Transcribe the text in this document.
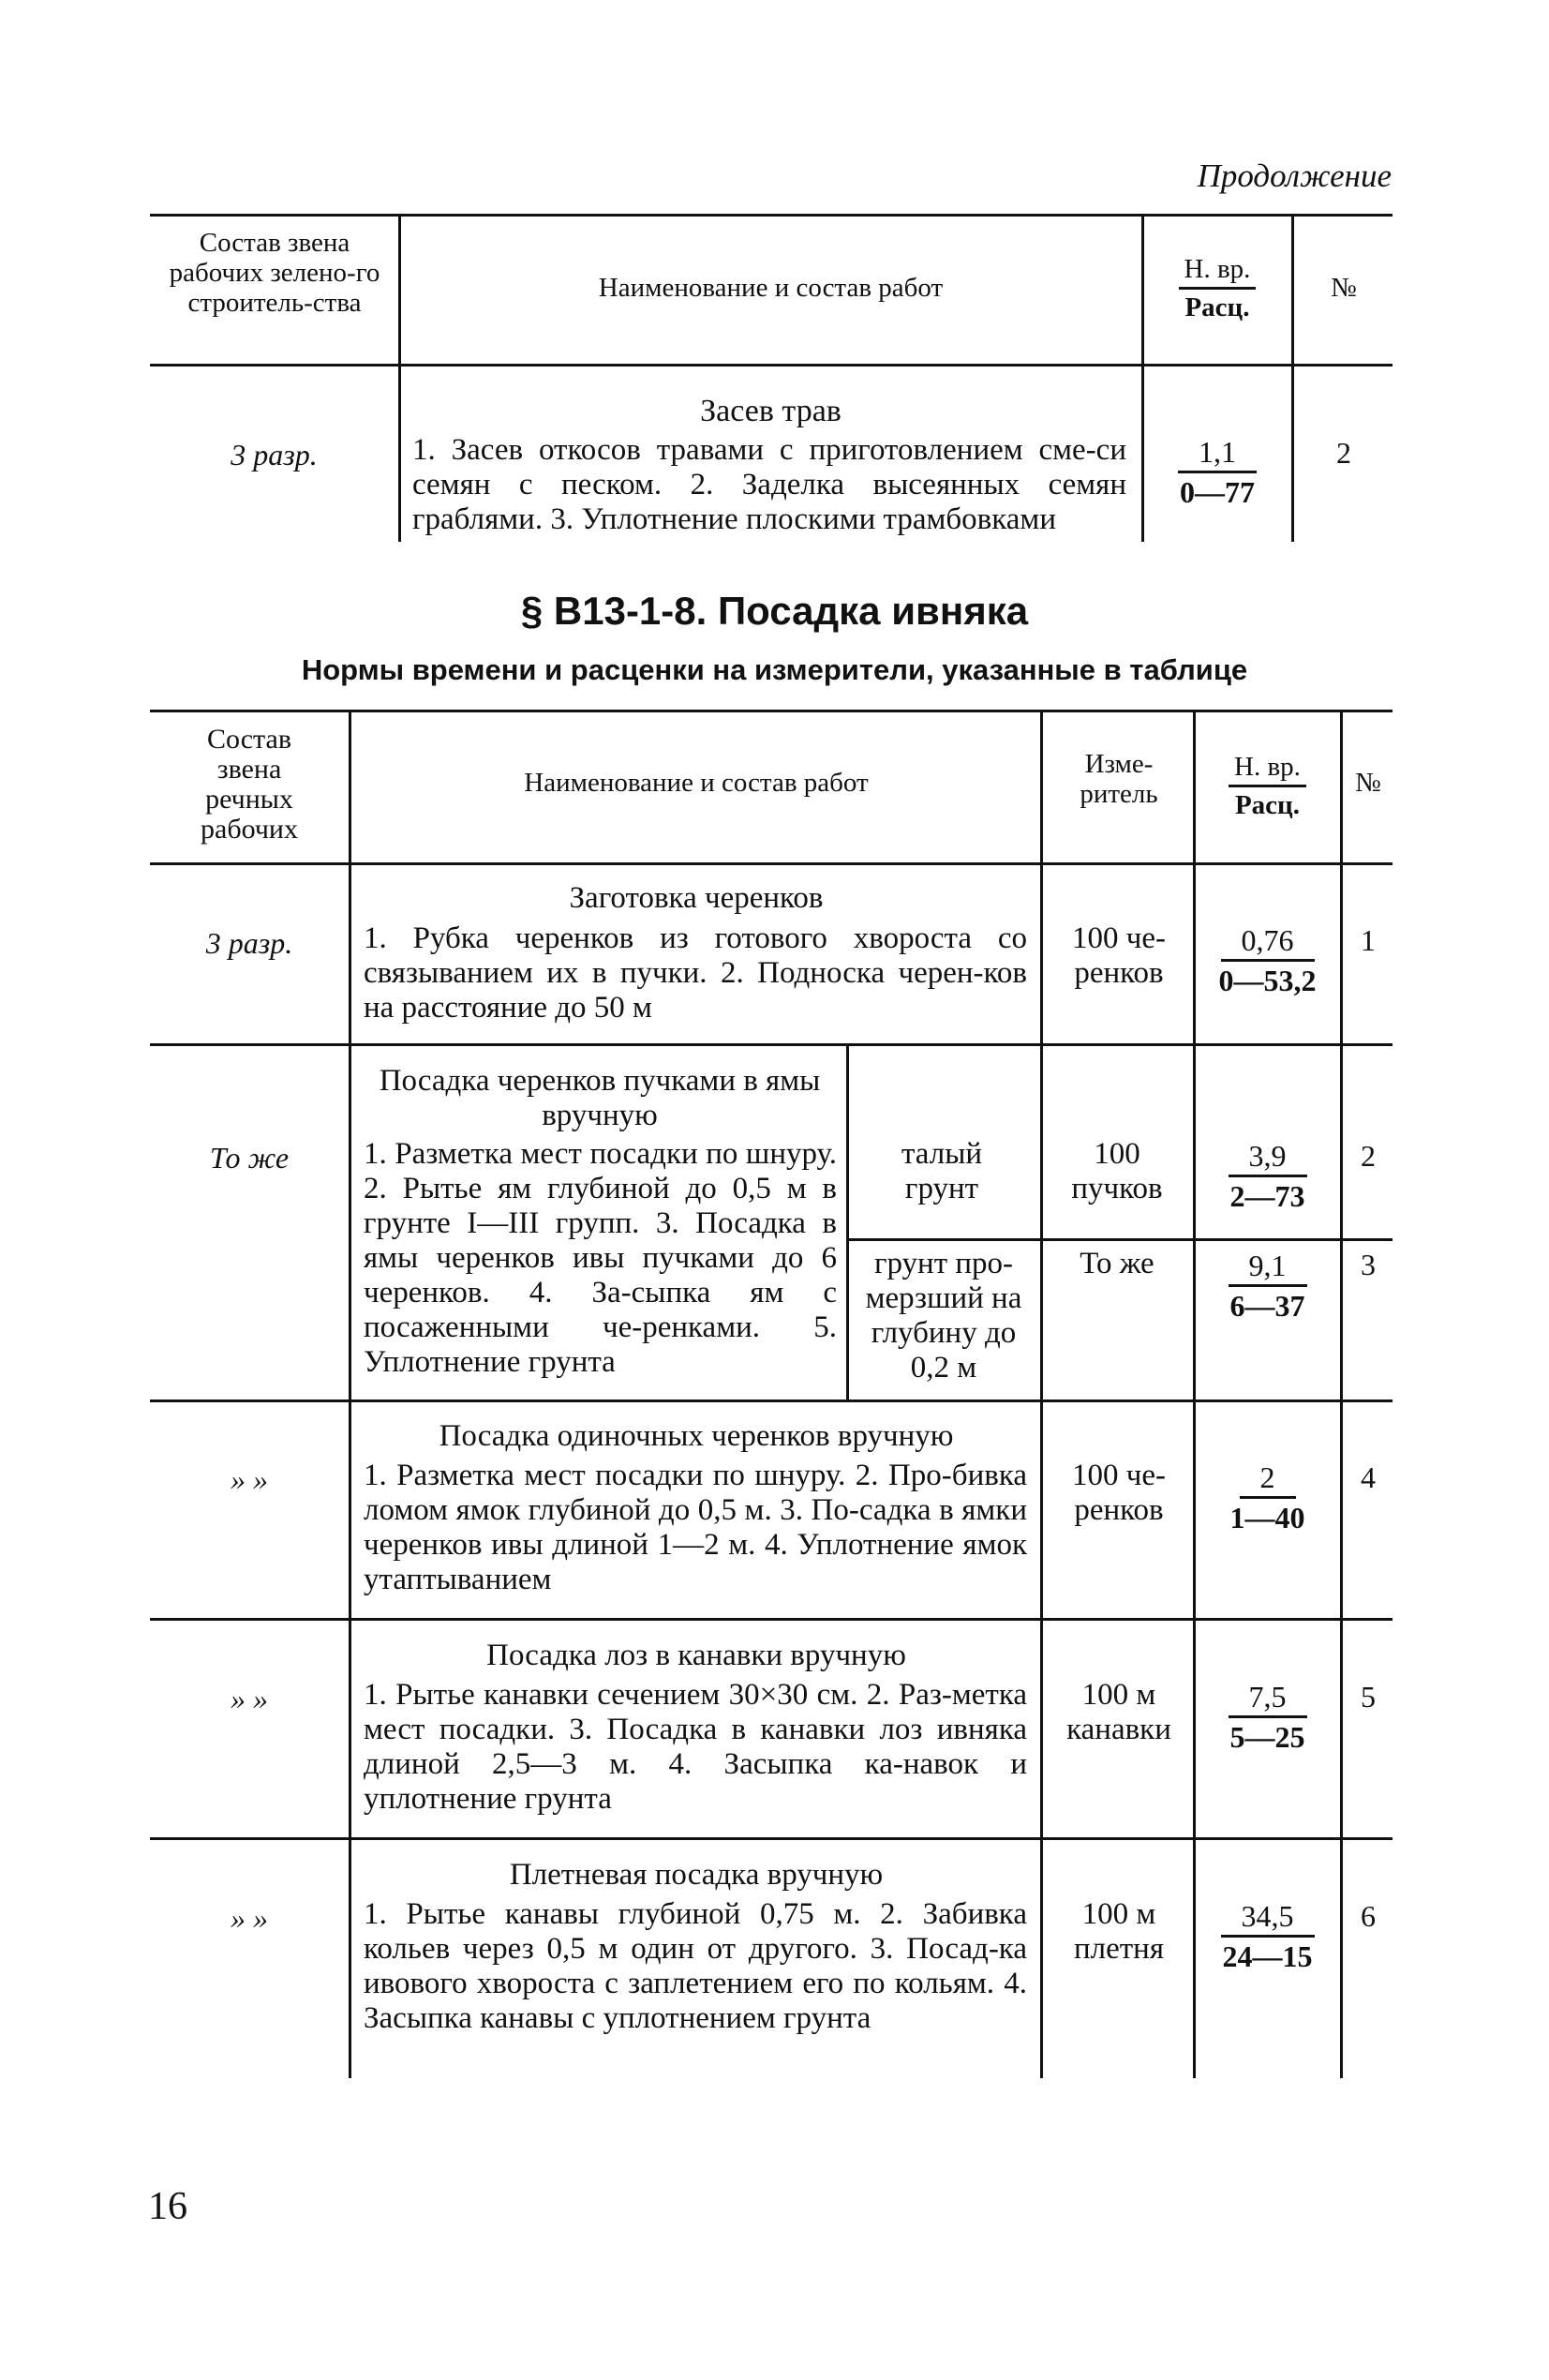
Продолжение
Состав звена рабочих зелено-го строитель-ства	Наименование и состав работ
Н. вр.
Расц.
№
3 разр.
Засев трав
1. Засев откосов травами с приготовлением сме-си семян с песком. 2. Заделка высеянных семян граблями. 3. Уплотнение плоскими трамбовками
1,1
0—77
2
§ В13-1-8. Посадка ивняка
Нормы времени и расценки на измерители, указанные в таблице
Состав звена речных рабочих
Наименование и состав работ
Изме-ритель
Н. вр.
Расц.
№
3 разр.
Заготовка черенков
1. Рубка черенков из готового хвороста со связыванием их в пучки. 2. Подноска черен-ков на расстояние до 50 м
100 че-ренков
0,76
0—53,2
1
То же
Посадка черенков пучками в ямы вручную
1. Разметка мест посадки по шнуру. 2. Рытье ям глубиной до 0,5 м в грунте I—III групп. 3. Посадка в ямы черенков ивы пучками до 6 черенков. 4. За-сыпка ям с посаженными че-ренками. 5. Уплотнение грунта
талый грунт
100 пучков
3,9
2—73
2
грунт про-мерзший на глубину до 0,2 м
То же	9,1
6—37
3
» »
Посадка одиночных черенков вручную
1. Разметка мест посадки по шнуру. 2. Про-бивка ломом ямок глубиной до 0,5 м. 3. По-садка в ямки черенков ивы длиной 1—2 м. 4. Уплотнение ямок утаптыванием
100 че-ренков
2
1—40
4
» »
Посадка лоз в канавки вручную
1. Рытье канавки сечением 30×30 см. 2. Раз-метка мест посадки. 3. Посадка в канавки лоз ивняка длиной 2,5—3 м. 4. Засыпка ка-навок и уплотнение грунта
100 м канавки
7,5
5—25
5
» »
Плетневая посадка вручную
1. Рытье канавы глубиной 0,75 м. 2. Забивка кольев через 0,5 м один от другого. 3. Посад-ка ивового хвороста с заплетением его по кольям. 4. Засыпка канавы с уплотнением грунта
100 м плетня
34,5
24—15
6
16
